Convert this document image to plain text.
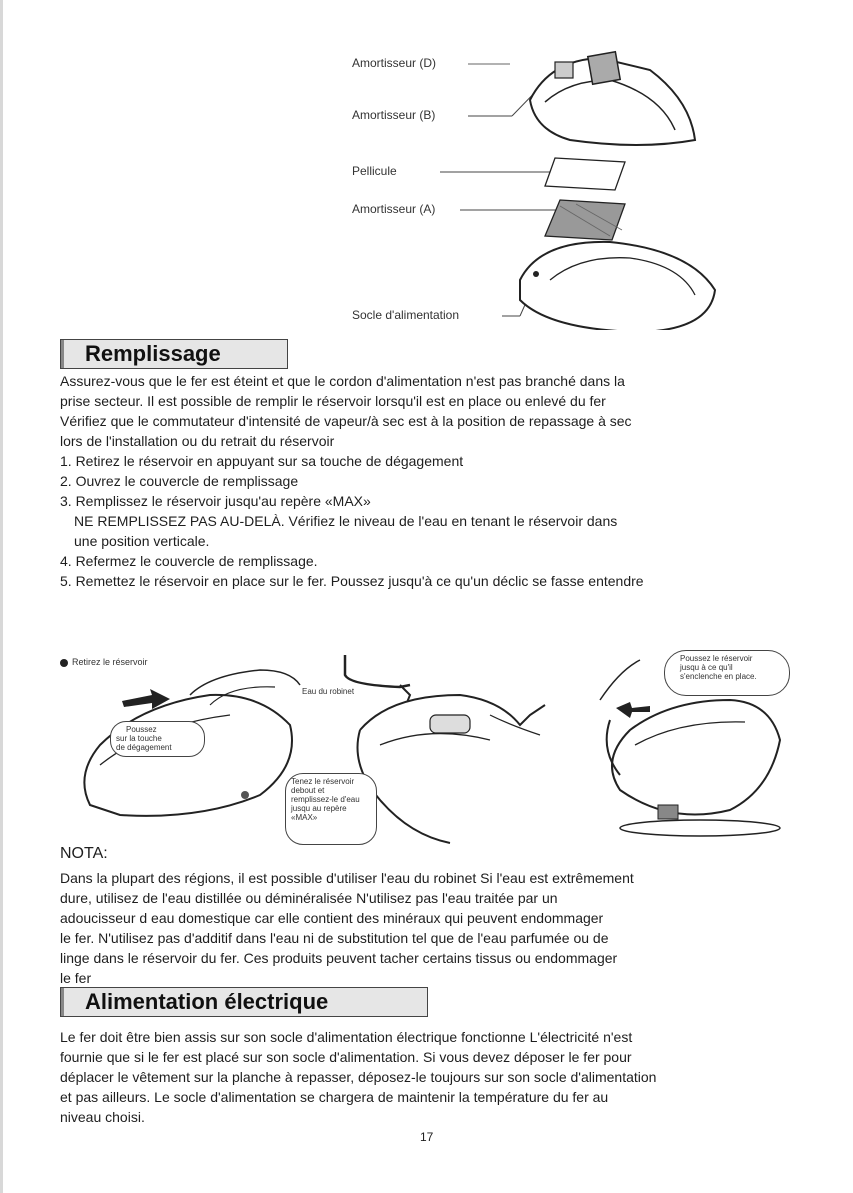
Amortisseur (D)
Amortisseur (B)
Pellicule
Amortisseur (A)
Socle d'alimentation
Remplissage

Assurez-vous que le fer est éteint et que le cordon d'alimentation n'est pas branché dans la

prise secteur. Il est possible de remplir le réservoir lorsqu'il est en place ou enlevé du fer

Vérifiez que le commutateur d'intensité de vapeur/à sec est à la position de repassage à sec

lors de l'installation ou du retrait du réservoir

1. Retirez le réservoir en appuyant sur sa touche de dégagement
2. Ouvrez le couvercle de remplissage
3. Remplissez le réservoir jusqu'au repère «MAX»
NE REMPLISSEZ PAS AU-DELÀ. Vérifiez le niveau de l'eau en tenant le réservoir dans
une position verticale.
4. Refermez le couvercle de remplissage.
5. Remettez le réservoir en place sur le fer. Poussez jusqu'à ce qu'un déclic se fasse entendre
Retirez le réservoir
Poussez
sur la touche
de dégagement
Eau du robinet
Tenez le réservoir
debout et
remplissez-le d'eau
jusqu au repère
«MAX»
Poussez le réservoir
jusqu à ce qu'il
s'enclenche en place.
NOTA:

Dans la plupart des régions, il est possible d'utiliser l'eau du robinet Si l'eau est extrêmement

dure, utilisez de l'eau distillée ou déminéralisée N'utilisez pas l'eau traitée par un

adoucisseur d eau domestique car elle contient des minéraux qui peuvent endommager

le fer. N'utilisez pas d'additif dans l'eau ni de substitution tel que de l'eau parfumée ou de

linge dans le réservoir du fer. Ces produits peuvent tacher certains tissus ou endommager

le fer

Alimentation électrique

Le fer doit être bien assis sur son socle d'alimentation électrique fonctionne L'électricité n'est

fournie que si le fer est placé sur son socle d'alimentation. Si vous devez déposer le fer pour

déplacer le vêtement sur la planche à repasser, déposez-le toujours sur son socle d'alimentation

et pas ailleurs. Le socle d'alimentation se chargera de maintenir la température du fer au

niveau choisi.

17
